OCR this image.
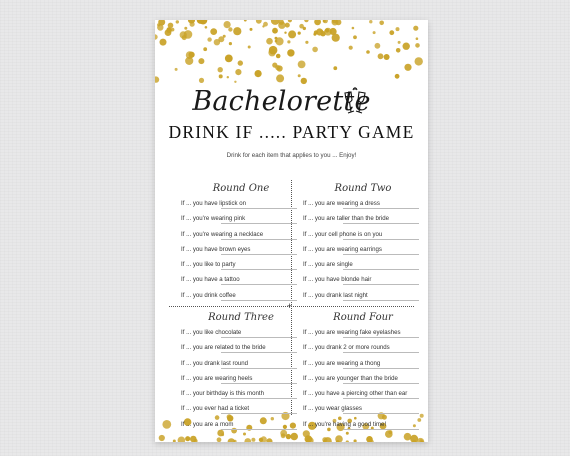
Bachelorette
DRINK IF ..... PARTY GAME
Drink for each item that applies to you ... Enjoy!
+
Round One
If ... you have lipstick on
If ... you're wearing pink
If ... you're wearing a necklace
If ... you have brown eyes
If ... you like to party
If ... you have a tattoo
If ... you drink coffee
Round Two
If ... you are wearing a dress
If ... you are taller than the bride
If ... your cell phone is on you
If ... you are wearing earrings
If ... you are single
If ... you have blonde hair
If ... you drank last night
Round Three
If ... you like chocolate
If ... you are related to the bride
If ... you drank last round
If ... you are wearing heels
If ... your birthday is this month
If ... you ever had a ticket
If ... you are a mom
Round Four
If ... you are wearing fake eyelashes
If ... you drank 2 or more rounds
If ... you are wearing a thong
If ... you are younger than the bride
If ... you have a piercing other than ear
If ... you wear glasses
If ... you're having a good time!
